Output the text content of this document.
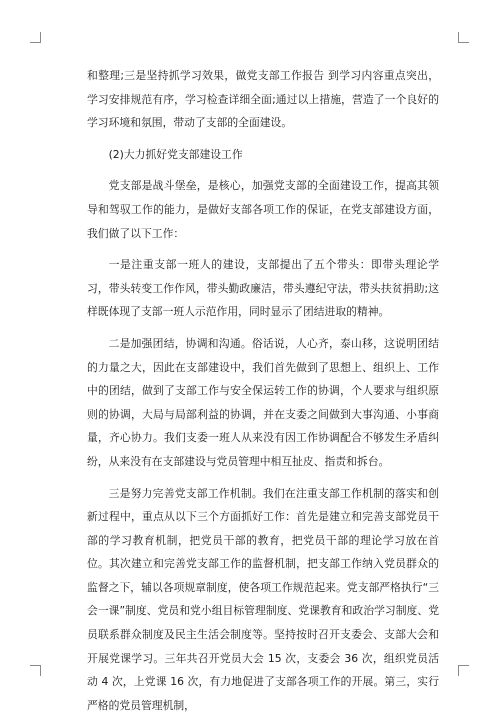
和整理;三是坚持抓学习效果，做党支部工作报告 到学习内容重点突出，学习安排规范有序，学习检查详细全面;通过以上措施，营造了一个良好的学习环境和氛围，带动了支部的全面建设。

(2)大力抓好党支部建设工作

党支部是战斗堡垒，是核心，加强党支部的全面建设工作，提高其领导和驾驭工作的能力，是做好支部各项工作的保证，在党支部建设方面，我们做了以下工作：

一是注重支部一班人的建设，支部提出了五个带头：即带头理论学习，带头转变工作作风，带头勤政廉洁，带头遵纪守法，带头扶贫捐助;这样既体现了支部一班人示范作用，同时显示了团结进取的精神。

二是加强团结，协调和沟通。俗话说，人心齐，泰山移，这说明团结的力量之大，因此在支部建设中，我们首先做到了思想上、组织上、工作中的团结，做到了支部工作与安全保运转工作的协调，个人要求与组织原则的协调，大局与局部利益的协调，并在支委之间做到大事沟通、小事商量，齐心协力。我们支委一班人从来没有因工作协调配合不够发生矛盾纠纷，从来没有在支部建设与党员管理中相互扯皮、指责和拆台。

三是努力完善党支部工作机制。我们在注重支部工作机制的落实和创新过程中，重点从以下三个方面抓好工作：首先是建立和完善支部党员干部的学习教育机制，把党员干部的教育，把党员干部的理论学习放在首位。其次建立和完善党支部工作的监督机制，把支部工作纳入党员群众的监督之下，辅以各项规章制度，使各项工作规范起来。党支部严格执行“三会一课”制度、党员和党小组目标管理制度、党课教育和政治学习制度、党员联系群众制度及民主生活会制度等。坚持按时召开支委会、支部大会和开展党课学习。三年共召开党员大会 15 次，支委会 36 次，组织党员活动 4 次，上党课 16 次，有力地促进了支部各项工作的开展。第三，实行严格的党员管理机制，
